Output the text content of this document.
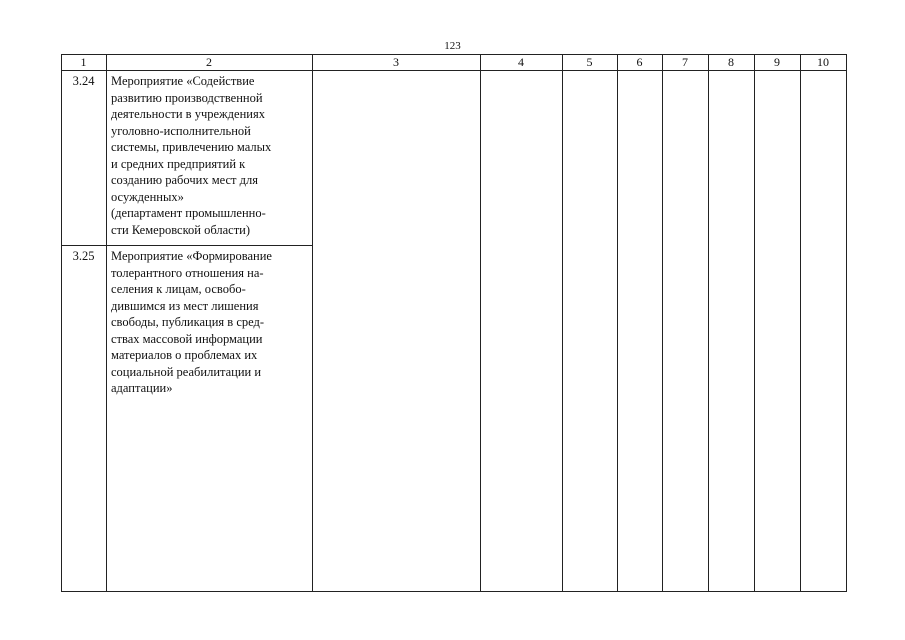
123
1	2	3	4	5	6	7	8	9	10
3.24	Мероприятие «Содействие
развитию производственной
деятельности в учреждениях
уголовно-исполнительной
системы, привлечению малых
и средних предприятий к
созданию рабочих мест для
осужденных»
(департамент промышленно-
сти Кемеровской области)
3.25	Мероприятие «Формирование
толерантного отношения на-
селения к лицам, освобо-
дившимся из мест лишения
свободы, публикация в сред-
ствах массовой информации
материалов о проблемах их
социальной реабилитации и
адаптации»
